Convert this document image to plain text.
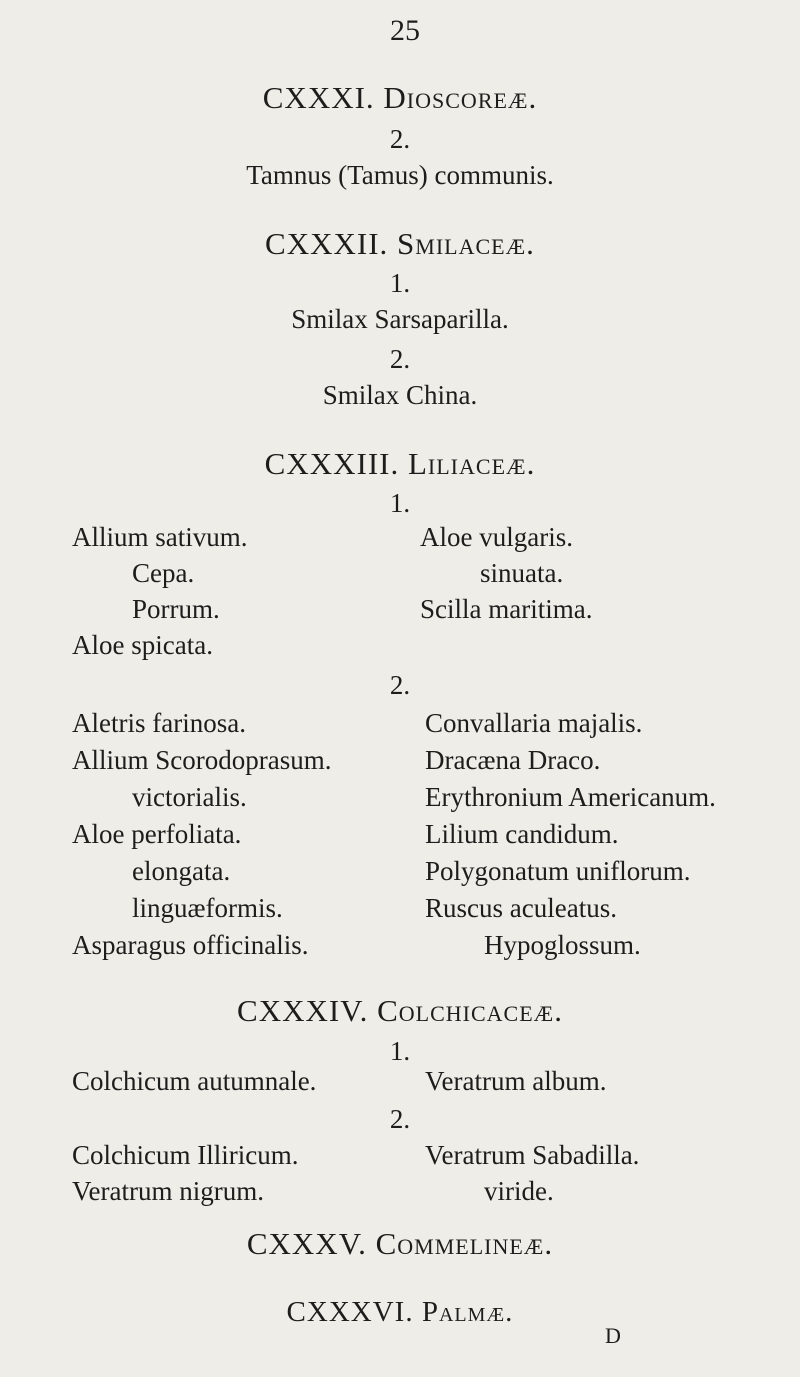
25
CXXXI. Dioscoreæ.
2.
Tamnus (Tamus) communis.
CXXXII. Smilaceæ.
1.
Smilax Sarsaparilla.
2.
Smilax China.
CXXXIII. Liliaceæ.
1.
Allium sativum.
Cepa.
Porrum.
Aloe spicata.
Aloe vulgaris.
sinuata.
Scilla maritima.
2.
Aletris farinosa.
Allium Scorodoprasum.
victorialis.
Aloe perfoliata.
elongata.
linguæformis.
Asparagus officinalis.
Convallaria majalis.
Dracæna Draco.
Erythronium Americanum.
Lilium candidum.
Polygonatum uniflorum.
Ruscus aculeatus.
Hypoglossum.
CXXXIV. Colchicaceæ.
1.
Colchicum autumnale.	Veratrum album.
2.
Colchicum Illiricum.
Veratrum nigrum.
Veratrum Sabadilla.
viride.
CXXXV. Commelineæ.
CXXXVI. Palmæ.
D
